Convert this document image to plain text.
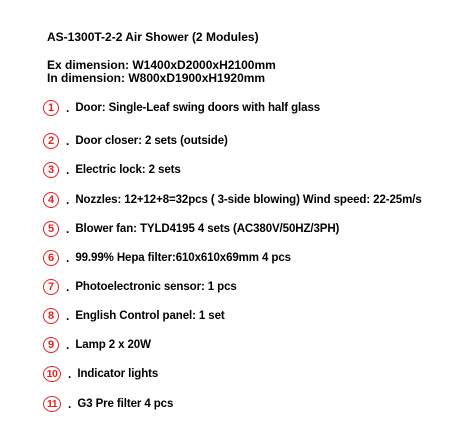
AS-1300T-2-2 Air Shower (2 Modules)
Ex dimension: W1400xD2000xH2100mm
In dimension: W800xD1900xH1920mm
1 . Door: Single-Leaf swing doors with half glass
2 . Door closer: 2 sets (outside)
3 . Electric lock: 2 sets
4 . Nozzles: 12+12+8=32pcs ( 3-side blowing) Wind speed: 22-25m/s
5 . Blower fan: TYLD4195 4 sets (AC380V/50HZ/3PH)
6 . 99.99% Hepa filter:610x610x69mm 4 pcs
7 . Photoelectronic sensor: 1 pcs
8 . English Control panel: 1 set
9 . Lamp 2 x 20W
10 . Indicator lights
11 . G3 Pre filter 4 pcs
